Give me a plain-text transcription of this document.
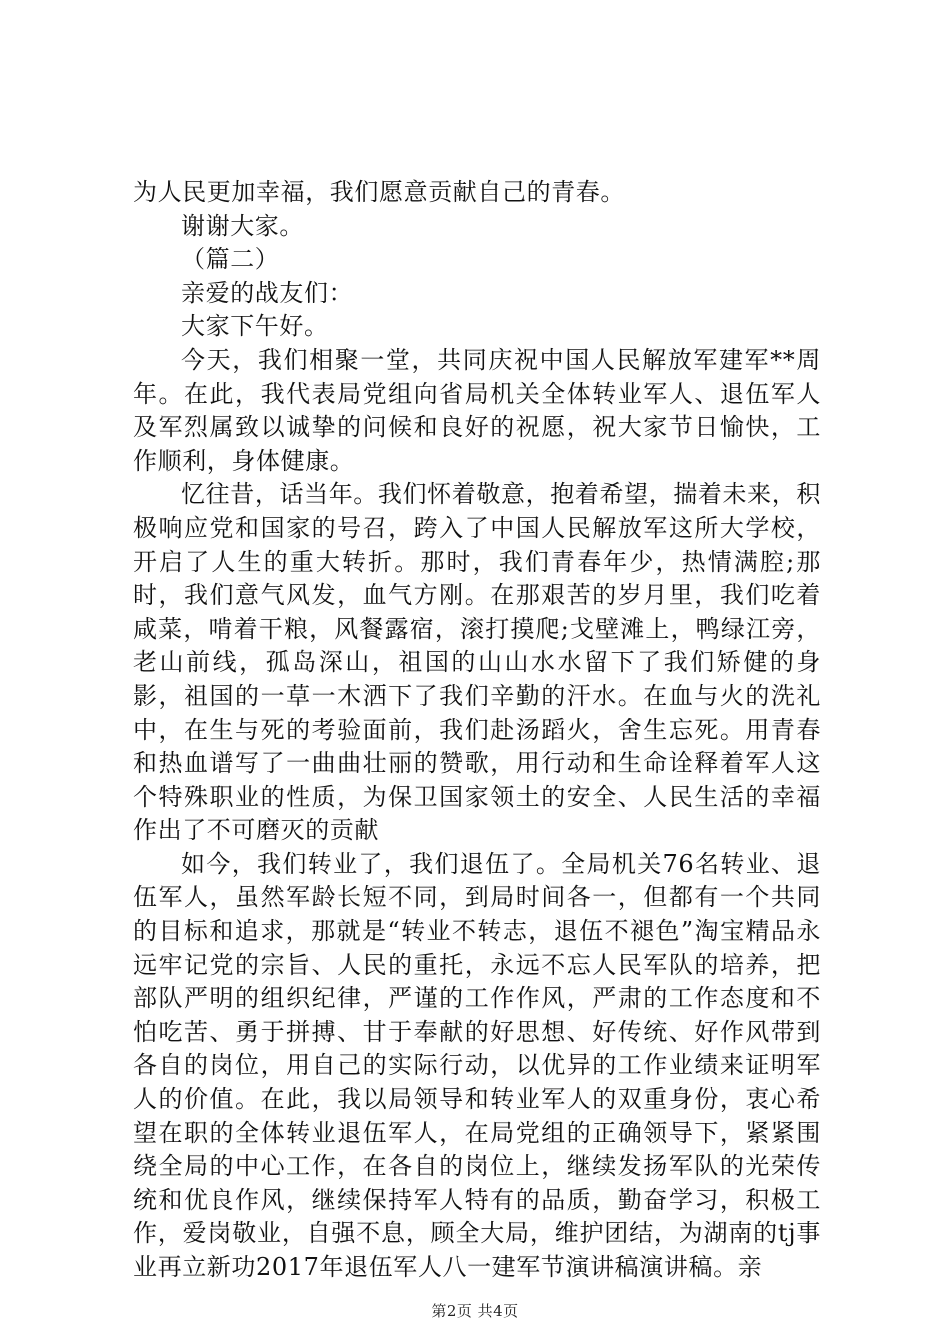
为人民更加幸福，我们愿意贡献自己的青春。

谢谢大家。

（篇二）

亲爱的战友们：

大家下午好。

今天，我们相聚一堂，共同庆祝中国人民解放军建军**周年。在此，我代表局党组向省局机关全体转业军人、退伍军人及军烈属致以诚挚的问候和良好的祝愿，祝大家节日愉快，工作顺利，身体健康。

忆往昔，话当年。我们怀着敬意，抱着希望，揣着未来，积极响应党和国家的号召，跨入了中国人民解放军这所大学校，开启了人生的重大转折。那时，我们青春年少，热情满腔;那时，我们意气风发，血气方刚。在那艰苦的岁月里，我们吃着咸菜，啃着干粮，风餐露宿，滚打摸爬;戈壁滩上，鸭绿江旁，老山前线，孤岛深山，祖国的山山水水留下了我们矫健的身影，祖国的一草一木洒下了我们辛勤的汗水。在血与火的洗礼中，在生与死的考验面前，我们赴汤蹈火，舍生忘死。用青春和热血谱写了一曲曲壮丽的赞歌，用行动和生命诠释着军人这个特殊职业的性质，为保卫国家领土的安全、人民生活的幸福作出了不可磨灭的贡献

如今，我们转业了，我们退伍了。全局机关76名转业、退伍军人，虽然军龄长短不同，到局时间各一，但都有一个共同的目标和追求，那就是“转业不转志，退伍不褪色”淘宝精品永远牢记党的宗旨、人民的重托，永远不忘人民军队的培养，把部队严明的组织纪律，严谨的工作作风，严肃的工作态度和不怕吃苦、勇于拼搏、甘于奉献的好思想、好传统、好作风带到各自的岗位，用自己的实际行动，以优异的工作业绩来证明军人的价值。在此，我以局领导和转业军人的双重身份，衷心希望在职的全体转业退伍军人，在局党组的正确领导下，紧紧围绕全局的中心工作，在各自的岗位上，继续发扬军队的光荣传统和优良作风，继续保持军人特有的品质，勤奋学习，积极工作，爱岗敬业，自强不息，顾全大局，维护团结，为湖南的tj事业再立新功2017年退伍军人八一建军节演讲稿演讲稿。亲

第2页 共4页
